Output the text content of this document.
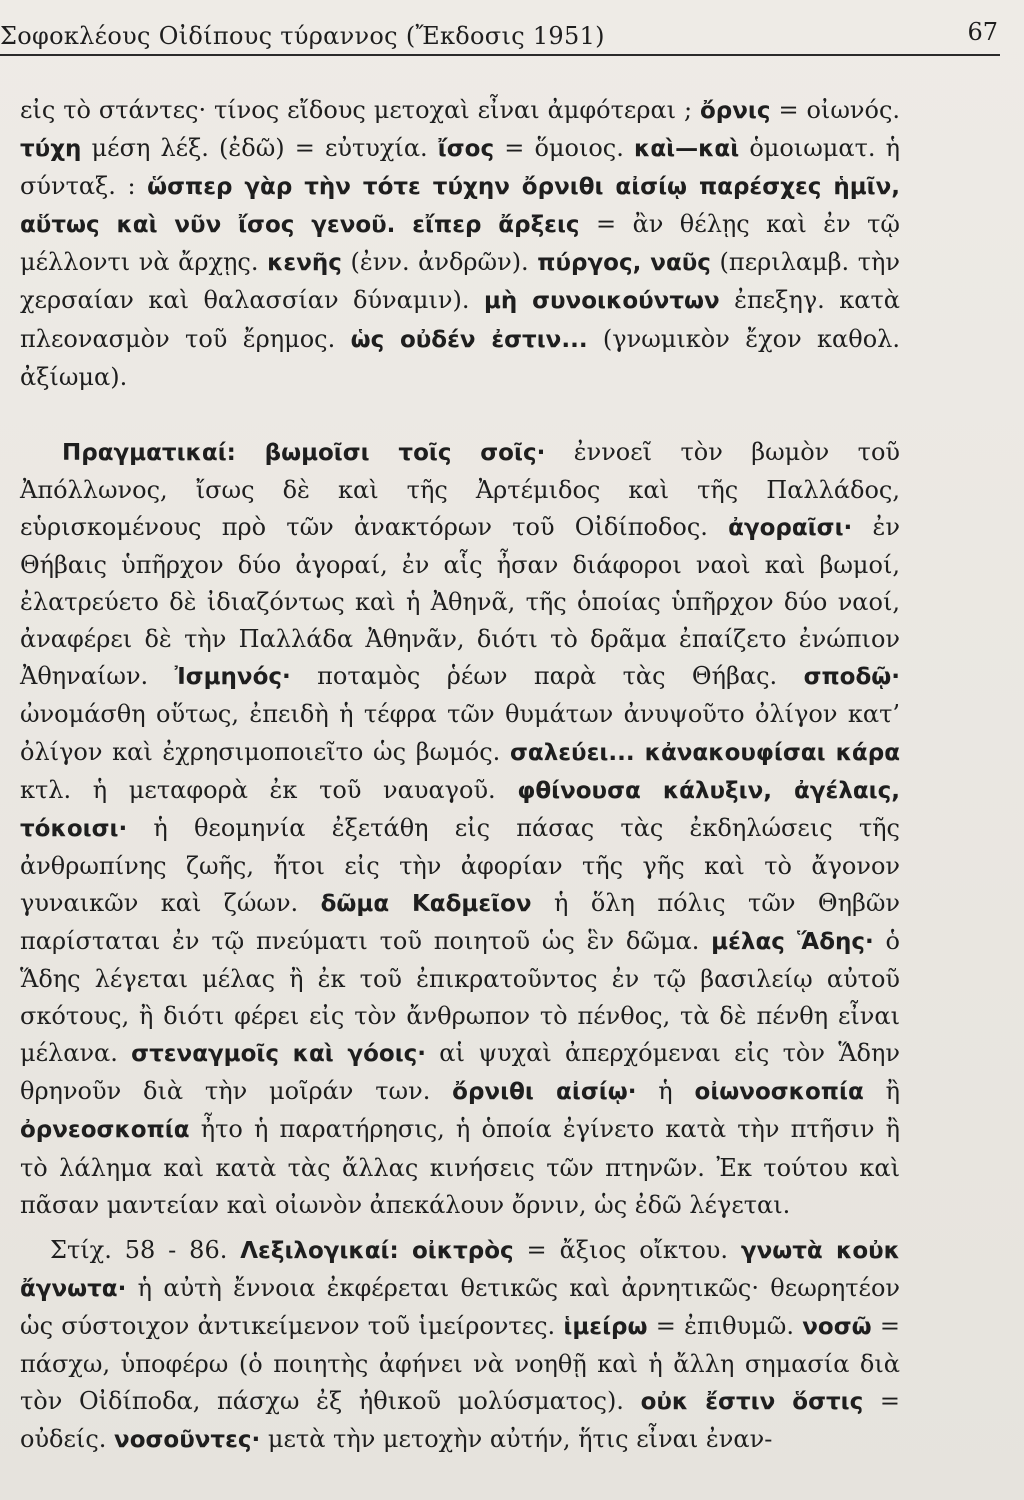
Σοφοκλέους Οἰδίπους τύραννος (Ἔκδοσις 1951)	67

εἰς τὸ στάντες· τίνος εἴδους μετοχαὶ εἶναι ἀμφότεραι ; ὄρνις = οἰωνός. τύχη μέση λέξ. (ἐδῶ) = εὐτυχία. ἴσος = ὅμοιος. καὶ—καὶ ὁμοιωματ. ἡ σύνταξ. : ὥσπερ γὰρ τὴν τότε τύχην ὄρνιθι αἰσίῳ παρέσχες ἡμῖν, αὕτως καὶ νῦν ἴσος γενοῦ. εἴπερ ἄρξεις = ἂν θέλῃς καὶ ἐν τῷ μέλλοντι νὰ ἄρχῃς. κενῆς (ἐνν. ἀνδρῶν). πύργος, ναῦς (περιλαμβ. τὴν χερσαίαν καὶ θαλασσίαν δύναμιν). μὴ συνοικούντων ἐπεξηγ. κατὰ πλεονασμὸν τοῦ ἔρημος. ὡς οὐδέν ἐστιν... (γνωμικὸν ἔχον καθολ. ἀξίωμα).

Πραγματικαί: βωμοῖσι τοῖς σοῖς· ἐννοεῖ τὸν βωμὸν τοῦ Ἀπόλλωνος, ἴσως δὲ καὶ τῆς Ἀρτέμιδος καὶ τῆς Παλλάδος, εὑρισκομένους πρὸ τῶν ἀνακτόρων τοῦ Οἰδίποδος. ἀγοραῖσι· ἐν Θήβαις ὑπῆρχον δύο ἀγοραί, ἐν αἷς ἦσαν διάφοροι ναοὶ καὶ βωμοί, ἐλατρεύετο δὲ ἰδιαζόντως καὶ ἡ Ἀθηνᾶ, τῆς ὁποίας ὑπῆρχον δύο ναοί, ἀναφέρει δὲ τὴν Παλλάδα Ἀθηνᾶν, διότι τὸ δρᾶμα ἐπαίζετο ἐνώπιον Ἀθηναίων. Ἰσμηνός· ποταμὸς ῥέων παρὰ τὰς Θήβας. σποδῷ· ὠνομάσθη οὕτως, ἐπειδὴ ἡ τέφρα τῶν θυμάτων ἀνυψοῦτο ὀλίγον κατ’ ὀλίγον καὶ ἐχρησιμοποιεῖτο ὡς βωμός. σαλεύει... κἀνακουφίσαι κάρα κτλ. ἡ μεταφορὰ ἐκ τοῦ ναυαγοῦ. φθίνουσα κάλυξιν, ἀγέλαις, τόκοισι· ἡ θεομηνία ἐξετάθη εἰς πάσας τὰς ἐκδηλώσεις τῆς ἀνθρωπίνης ζωῆς, ἤτοι εἰς τὴν ἀφορίαν τῆς γῆς καὶ τὸ ἄγονον γυναικῶν καὶ ζώων. δῶμα Καδμεῖον ἡ ὅλη πόλις τῶν Θηβῶν παρίσταται ἐν τῷ πνεύματι τοῦ ποιητοῦ ὡς ἓν δῶμα. μέλας Ἅδης· ὁ Ἅδης λέγεται μέλας ἢ ἐκ τοῦ ἐπικρατοῦντος ἐν τῷ βασιλείῳ αὐτοῦ σκότους, ἢ διότι φέρει εἰς τὸν ἄνθρωπον τὸ πένθος, τὰ δὲ πένθη εἶναι μέλανα. στεναγμοῖς καὶ γόοις· αἱ ψυχαὶ ἀπερχόμεναι εἰς τὸν Ἅδην θρηνοῦν διὰ τὴν μοῖράν των. ὄρνιθι αἰσίῳ· ἡ οἰωνοσκοπία ἢ ὀρνεοσκοπία ἦτο ἡ παρατήρησις, ἡ ὁποία ἐγίνετο κατὰ τὴν πτῆσιν ἢ τὸ λάλημα καὶ κατὰ τὰς ἄλλας κινήσεις τῶν πτηνῶν. Ἐκ τούτου καὶ πᾶσαν μαντείαν καὶ οἰωνὸν ἀπεκάλουν ὄρνιν, ὡς ἐδῶ λέγεται.

Στίχ. 58 - 86. Λεξιλογικαί: οἰκτρὸς = ἄξιος οἴκτου. γνωτὰ κοὐκ ἄγνωτα· ἡ αὐτὴ ἔννοια ἐκφέρεται θετικῶς καὶ ἀρνητικῶς· θεωρητέον ὡς σύστοιχον ἀντικείμενον τοῦ ἱμείροντες. ἱμείρω = ἐπιθυμῶ. νοσῶ = πάσχω, ὑποφέρω (ὁ ποιητὴς ἀφήνει νὰ νοηθῇ καὶ ἡ ἄλλη σημασία διὰ τὸν Οἰδίποδα, πάσχω ἐξ ἠθικοῦ μολύσματος). οὐκ ἔστιν ὅστις = οὐδείς. νοσοῦντες· μετὰ τὴν μετοχὴν αὐτήν, ἥτις εἶναι ἐναν-
